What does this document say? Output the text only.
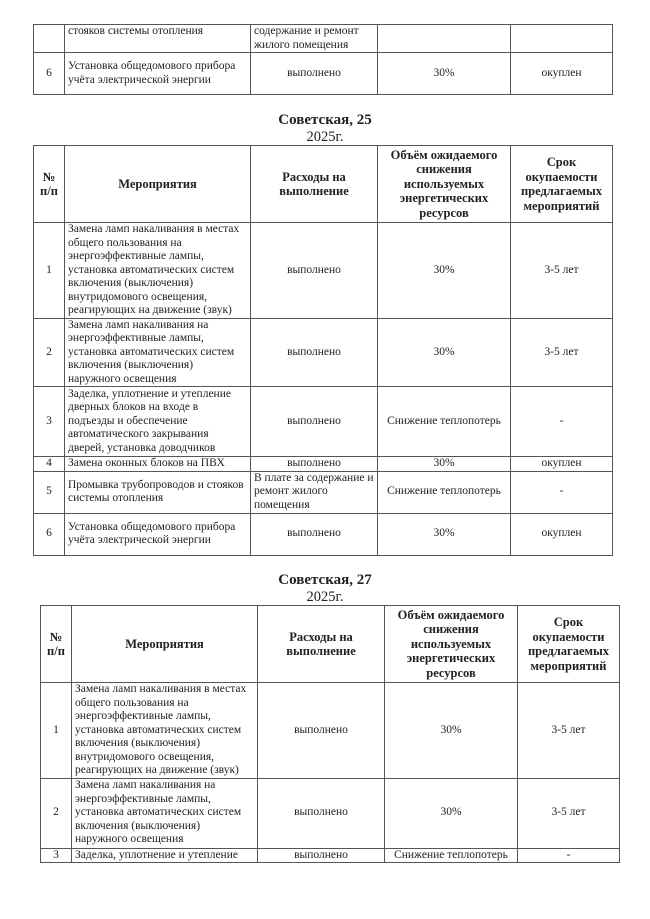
	стояков системы отопления	содержание и ремонт жилого помещения		
6	Установка общедомового прибора учёта электрической энергии	выполнено	30%	окуплен
Советская, 25
2025г.
№ п/п	Мероприятия	Расходы на выполнение	Объём ожидаемого снижения используемых энергетических ресурсов	Срок окупаемости предлагаемых мероприятий
1	Замена ламп накаливания в местах общего пользования на энергоэффективные лампы, установка автоматических систем включения (выключения) внутридомового освещения, реагирующих на движение (звук)	выполнено	30%	3-5 лет
2	Замена ламп накаливания на энергоэффективные лампы, установка автоматических систем включения (выключения) наружного освещения	выполнено	30%	3-5 лет
3	Заделка, уплотнение и утепление дверных блоков на входе в подъезды и обеспечение автоматического закрывания дверей, установка доводчиков	выполнено	Снижение теплопотерь	-
4	Замена оконных блоков на ПВХ	выполнено	30%	окуплен
5	Промывка трубопроводов и стояков системы отопления	В плате за содержание и ремонт жилого помещения	Снижение теплопотерь	-
6	Установка общедомового прибора учёта электрической энергии	выполнено	30%	окуплен
Советская, 27
2025г.
№ п/п	Мероприятия	Расходы на выполнение	Объём ожидаемого снижения используемых энергетических ресурсов	Срок окупаемости предлагаемых мероприятий
1	Замена ламп накаливания в местах общего пользования на энергоэффективные лампы, установка автоматических систем включения (выключения) внутридомового освещения, реагирующих на движение (звук)	выполнено	30%	3-5 лет
2	Замена ламп накаливания на энергоэффективные лампы, установка автоматических систем включения (выключения) наружного освещения	выполнено	30%	3-5 лет
3	Заделка, уплотнение и утепление	выполнено	Снижение теплопотерь	-
